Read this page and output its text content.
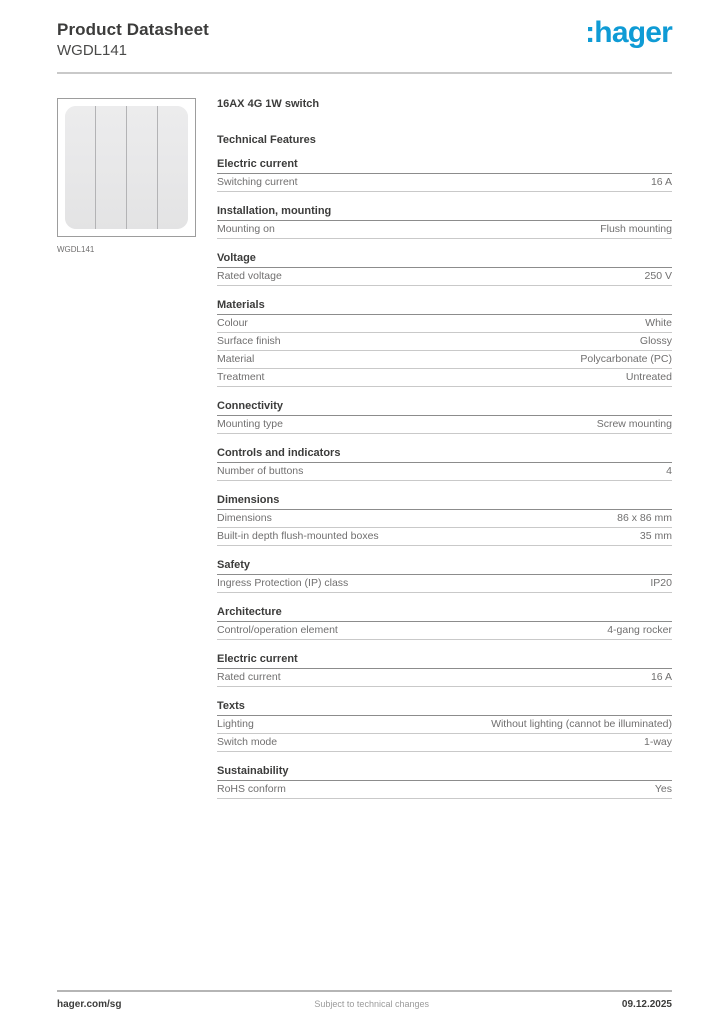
Product Datasheet
WGDL141
:hager
WGDL141
16AX 4G 1W switch
Technical Features
Electric current
Switching current	16 A
Installation, mounting
Mounting on	Flush mounting
Voltage
Rated voltage	250 V
Materials
Colour	White
Surface finish	Glossy
Material	Polycarbonate (PC)
Treatment	Untreated
Connectivity
Mounting type	Screw mounting
Controls and indicators
Number of buttons	4
Dimensions
Dimensions	86 x 86 mm
Built-in depth flush-mounted boxes	35 mm
Safety
Ingress Protection (IP) class	IP20
Architecture
Control/operation element	4-gang rocker
Electric current
Rated current	16 A
Texts
Lighting	Without lighting (cannot be illuminated)
Switch mode	1-way
Sustainability
RoHS conform	Yes
hager.com/sg	Subject to technical changes	09.12.2025
